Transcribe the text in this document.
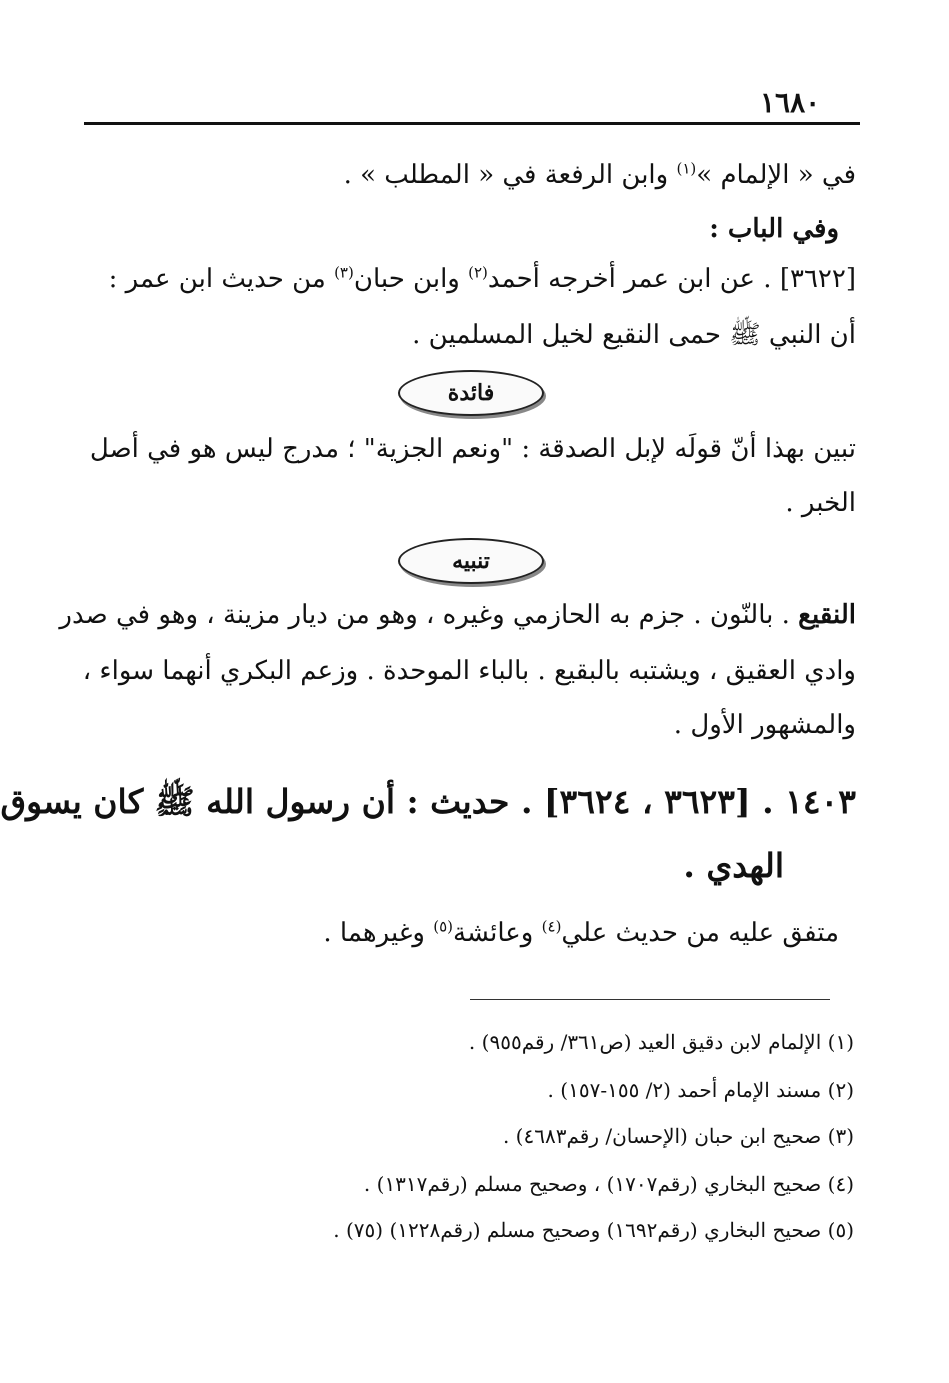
١٦٨٠
في « الإلمام »$^{(١)}$ وابن الرفعة في « المطلب » .
وفي الباب :
[٣٦٢٢] . عن ابن عمر أخرجه أحمد$^{(٢)}$ وابن حبان$^{(٣)}$ من حديث ابن عمر :
أن النبي ﷺ حمى النقيع لخيل المسلمين .
فائدة
تبين بهذا أنّ قولَه لإبل الصدقة : "ونعم الجزية" ؛ مدرج ليس هو في أصل
الخبر .
تنبيه
النقيع . بالنّون . جزم به الحازمي وغيره ، وهو من ديار مزينة ، وهو في صدر
وادي العقيق ، ويشتبه بالبقيع . بالباء الموحدة . وزعم البكري أنهما سواء ،
والمشهور الأول .
١٤٠٣ . [٣٦٢٣ ، ٣٦٢٤] . حديث : أن رسول الله ﷺ كان يسوق
الهدي .
متفق عليه من حديث علي$^{(٤)}$ وعائشة$^{(٥)}$ وغيرهما .
(١) الإلمام لابن دقيق العيد (ص٣٦١/ رقم٩٥٥) .
(٢) مسند الإمام أحمد (٢/ ١٥٥-١٥٧) .
(٣) صحيح ابن حبان (الإحسان/ رقم٤٦٨٣) .
(٤) صحيح البخاري (رقم١٧٠٧) ، وصحيح مسلم (رقم١٣١٧) .
(٥) صحيح البخاري (رقم١٦٩٢) وصحيح مسلم (رقم١٢٢٨) (٧٥) .
